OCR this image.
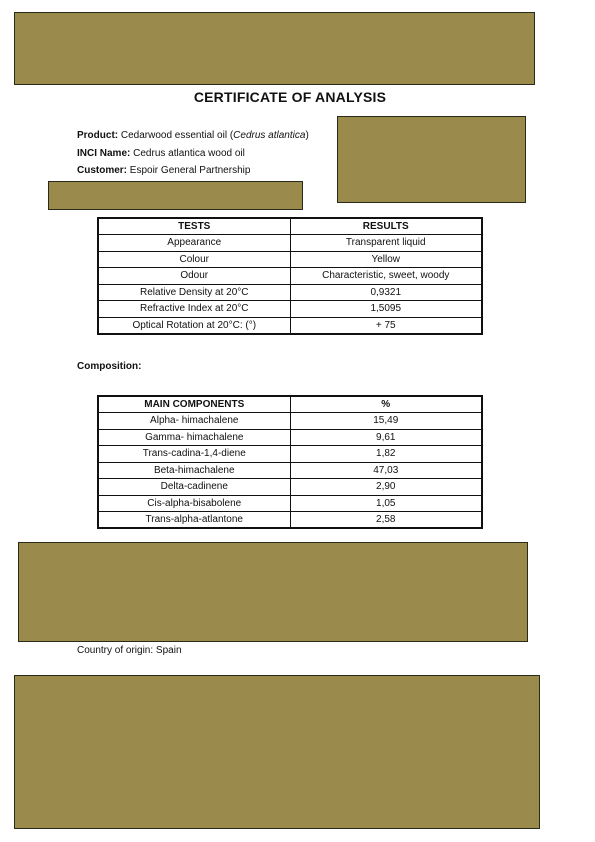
CERTIFICATE OF ANALYSIS
Product: Cedarwood essential oil (Cedrus atlantica)
INCI Name: Cedrus atlantica wood oil
Customer: Espoir General Partnership
TESTS	RESULTS
Appearance	Transparent liquid
Colour	Yellow
Odour	Characteristic, sweet, woody
Relative Density at 20°C	0,9321
Refractive Index at 20°C	1,5095
Optical Rotation at 20°C: (°)	+ 75
Composition:
MAIN COMPONENTS	%
Alpha- himachalene	15,49
Gamma- himachalene	9,61
Trans-cadina-1,4-diene	1,82
Beta-himachalene	47,03
Delta-cadinene	2,90
Cis-alpha-bisabolene	1,05
Trans-alpha-atlantone	2,58
Country of origin: Spain
